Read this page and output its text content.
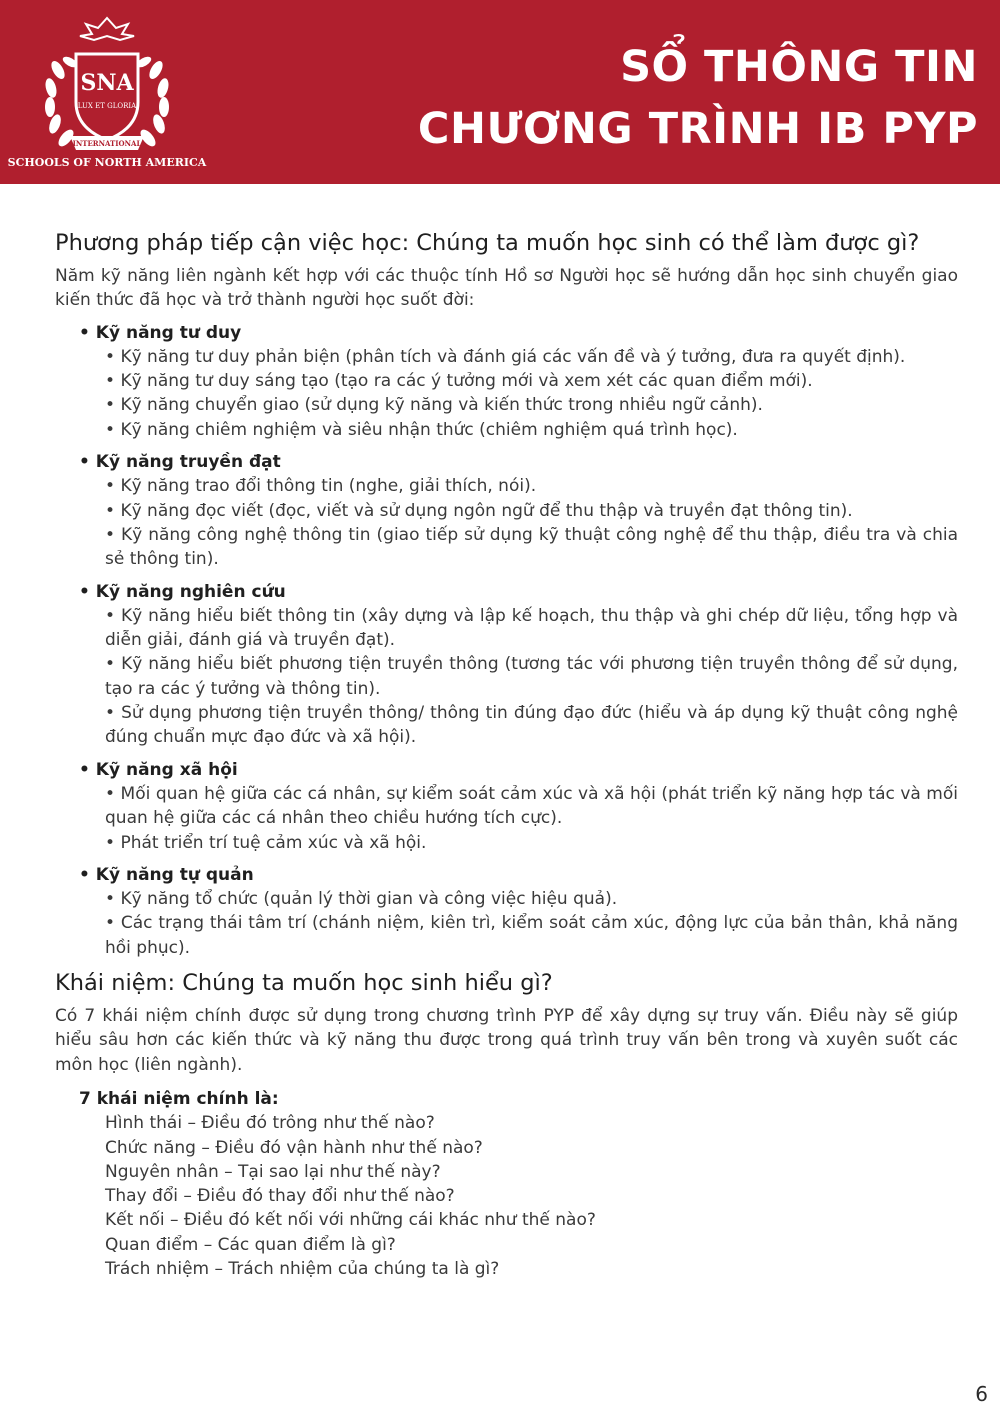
SNA
LUX ET GLORIA
INTERNATIONAL
SCHOOLS OF NORTH AMERICA
SỔ THÔNG TIN
CHƯƠNG TRÌNH IB PYP
Phương pháp tiếp cận việc học: Chúng ta muốn học sinh có thể làm được gì?

Năm kỹ năng liên ngành kết hợp với các thuộc tính Hồ sơ Người học sẽ hướng dẫn học sinh chuyển giao kiến thức đã học và trở thành người học suốt đời:

• Kỹ năng tư duy
• Kỹ năng tư duy phản biện (phân tích và đánh giá các vấn đề và ý tưởng, đưa ra quyết định).
• Kỹ năng tư duy sáng tạo (tạo ra các ý tưởng mới và xem xét các quan điểm mới).
• Kỹ năng chuyển giao (sử dụng kỹ năng và kiến thức trong nhiều ngữ cảnh).
• Kỹ năng chiêm nghiệm và siêu nhận thức (chiêm nghiệm quá trình học).
• Kỹ năng truyền đạt
• Kỹ năng trao đổi thông tin (nghe, giải thích, nói).
• Kỹ năng đọc viết (đọc, viết và sử dụng ngôn ngữ để thu thập và truyền đạt thông tin).
• Kỹ năng công nghệ thông tin (giao tiếp sử dụng kỹ thuật công nghệ để thu thập, điều tra và chia sẻ thông tin).
• Kỹ năng nghiên cứu
• Kỹ năng hiểu biết thông tin (xây dựng và lập kế hoạch, thu thập và ghi chép dữ liệu, tổng hợp và diễn giải, đánh giá và truyền đạt).
• Kỹ năng hiểu biết phương tiện truyền thông (tương tác với phương tiện truyền thông để sử dụng, tạo ra các ý tưởng và thông tin).
• Sử dụng phương tiện truyền thông/ thông tin đúng đạo đức (hiểu và áp dụng kỹ thuật công nghệ đúng chuẩn mực đạo đức và xã hội).
• Kỹ năng xã hội
• Mối quan hệ giữa các cá nhân, sự kiểm soát cảm xúc và xã hội (phát triển kỹ năng hợp tác và mối quan hệ giữa các cá nhân theo chiều hướng tích cực).
• Phát triển trí tuệ cảm xúc và xã hội.
• Kỹ năng tự quản
• Kỹ năng tổ chức (quản lý thời gian và công việc hiệu quả).
• Các trạng thái tâm trí (chánh niệm, kiên trì, kiểm soát cảm xúc, động lực của bản thân, khả năng hồi phục).
Khái niệm: Chúng ta muốn học sinh hiểu gì?

Có 7 khái niệm chính được sử dụng trong chương trình PYP để xây dựng sự truy vấn. Điều này sẽ giúp hiểu sâu hơn các kiến thức và kỹ năng thu được trong quá trình truy vấn bên trong và xuyên suốt các môn học (liên ngành).

7 khái niệm chính là:
Hình thái – Điều đó trông như thế nào?
Chức năng – Điều đó vận hành như thế nào?
Nguyên nhân – Tại sao lại như thế này?
Thay đổi – Điều đó thay đổi như thế nào?
Kết nối – Điều đó kết nối với những cái khác như thế nào?
Quan điểm – Các quan điểm là gì?
Trách nhiệm – Trách nhiệm của chúng ta là gì?
6
